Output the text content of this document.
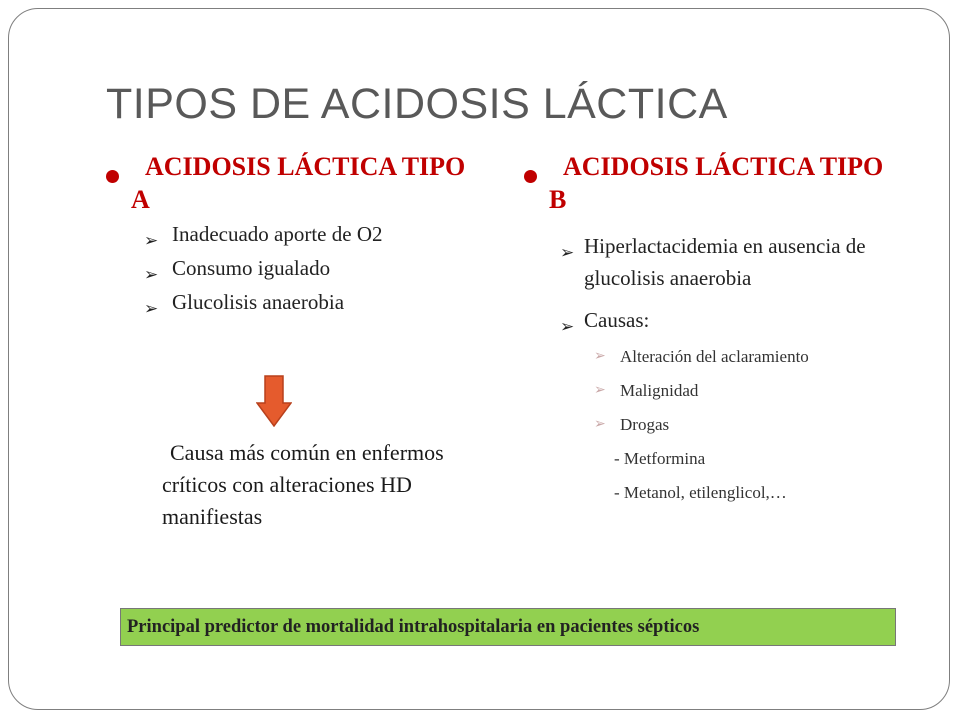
TIPOS DE ACIDOSIS LÁCTICA
ACIDOSIS LÁCTICA TIPO A
➢ Inadecuado aporte de O2
➢ Consumo igualado
➢ Glucolisis anaerobia
Causa más común en enfermos críticos con alteraciones HD manifiestas
ACIDOSIS LÁCTICA TIPO B
➢ Hiperlactacidemia en ausencia de glucolisis anaerobia
➢ Causas:
➢ Alteración del aclaramiento
➢ Malignidad
➢ Drogas
- Metformina
- Metanol, etilenglicol,…
Principal predictor de mortalidad intrahospitalaria en pacientes sépticos
